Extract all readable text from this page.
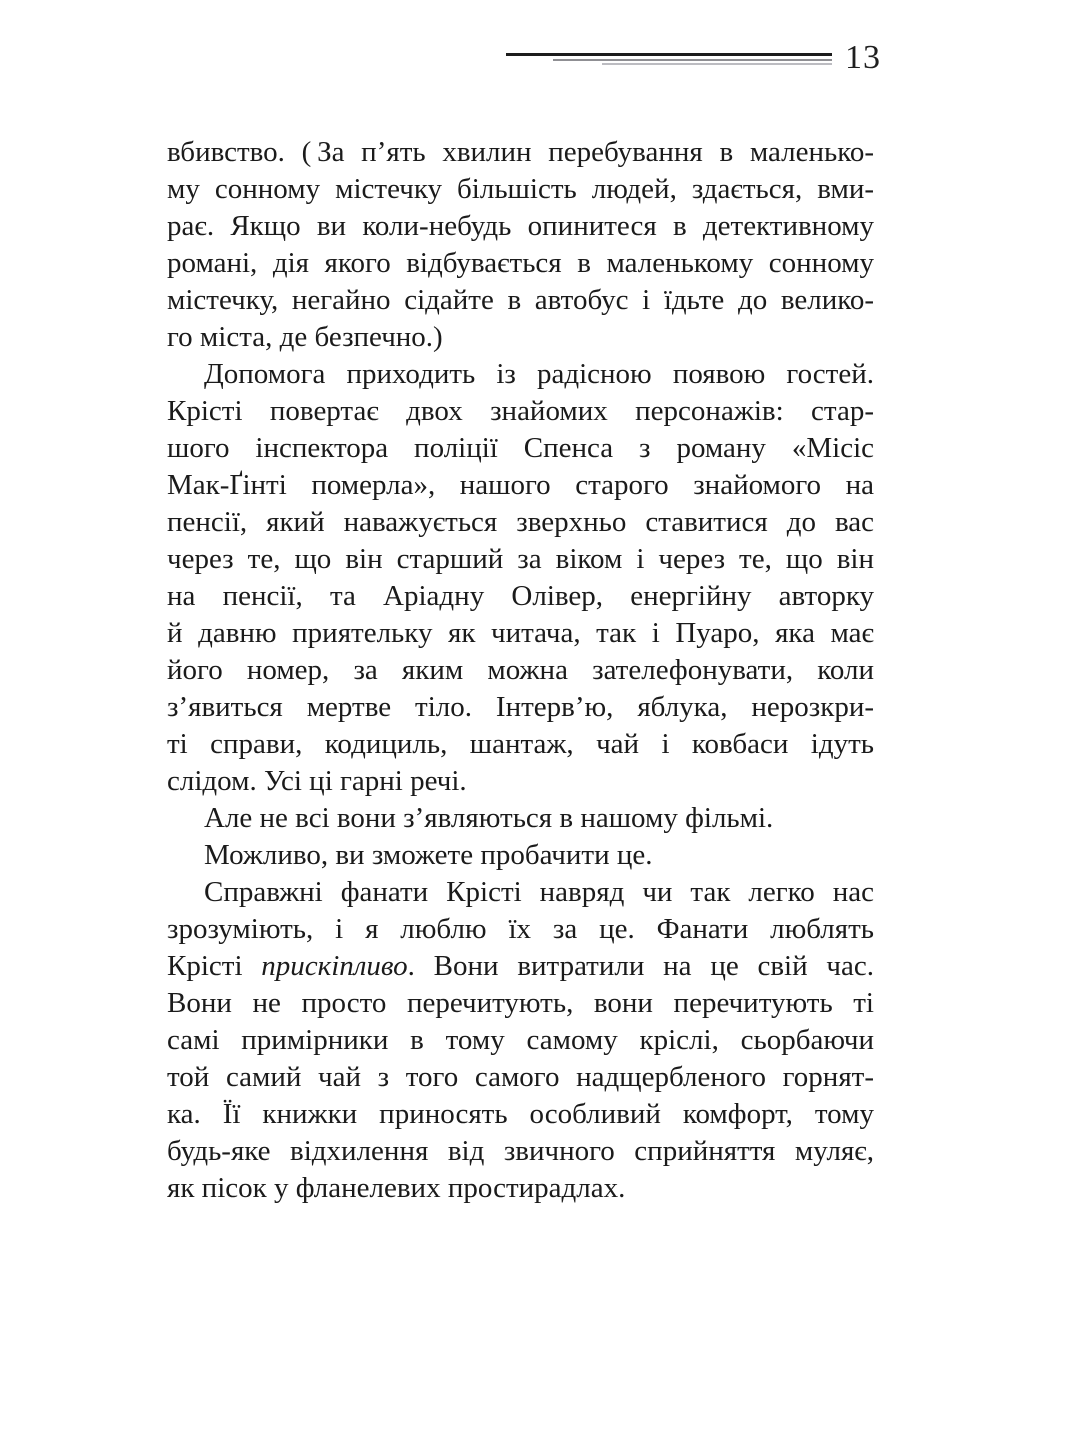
13
вбивство. ( За п’ять хвилин перебування в маленько-
му сонному містечку більшість людей, здається, вми-
рає. Якщо ви коли-небудь опинитеся в детективному
романі, дія якого відбувається в маленькому сонному
містечку, негайно сідайте в автобус і їдьте до велико-
го міста, де безпечно.)
Допомога приходить із радісною появою гостей.
Крісті повертає двох знайомих персонажів: стар-
шого інспектора поліції Спенса з роману «Місіс
Мак-Ґінті померла», нашого старого знайомого на
пенсії, який наважується зверхньо ставитися до вас
через те, що він старший за віком і через те, що він
на пенсії, та Аріадну Олівер, енергійну авторку
й давню приятельку як читача, так і Пуаро, яка має
його номер, за яким можна зателефонувати, коли
з’явиться мертве тіло. Інтерв’ю, яблука, нерозкри-
ті справи, кодициль, шантаж, чай і ковбаси ідуть
слідом. Усі ці гарні речі.
Але не всі вони з’являються в нашому фільмі.
Можливо, ви зможете пробачити це.
Справжні фанати Крісті навряд чи так легко нас
зрозуміють, і я люблю їх за це. Фанати люблять
Крісті прискіпливо. Вони витратили на це свій час.
Вони не просто перечитують, вони перечитують ті
самі примірники в тому самому кріслі, сьорбаючи
той самий чай з того самого надщербленого горнят-
ка. Її книжки приносять особливий комфорт, тому
будь-яке відхилення від звичного сприйняття муляє,
як пісок у фланелевих простирадлах.
